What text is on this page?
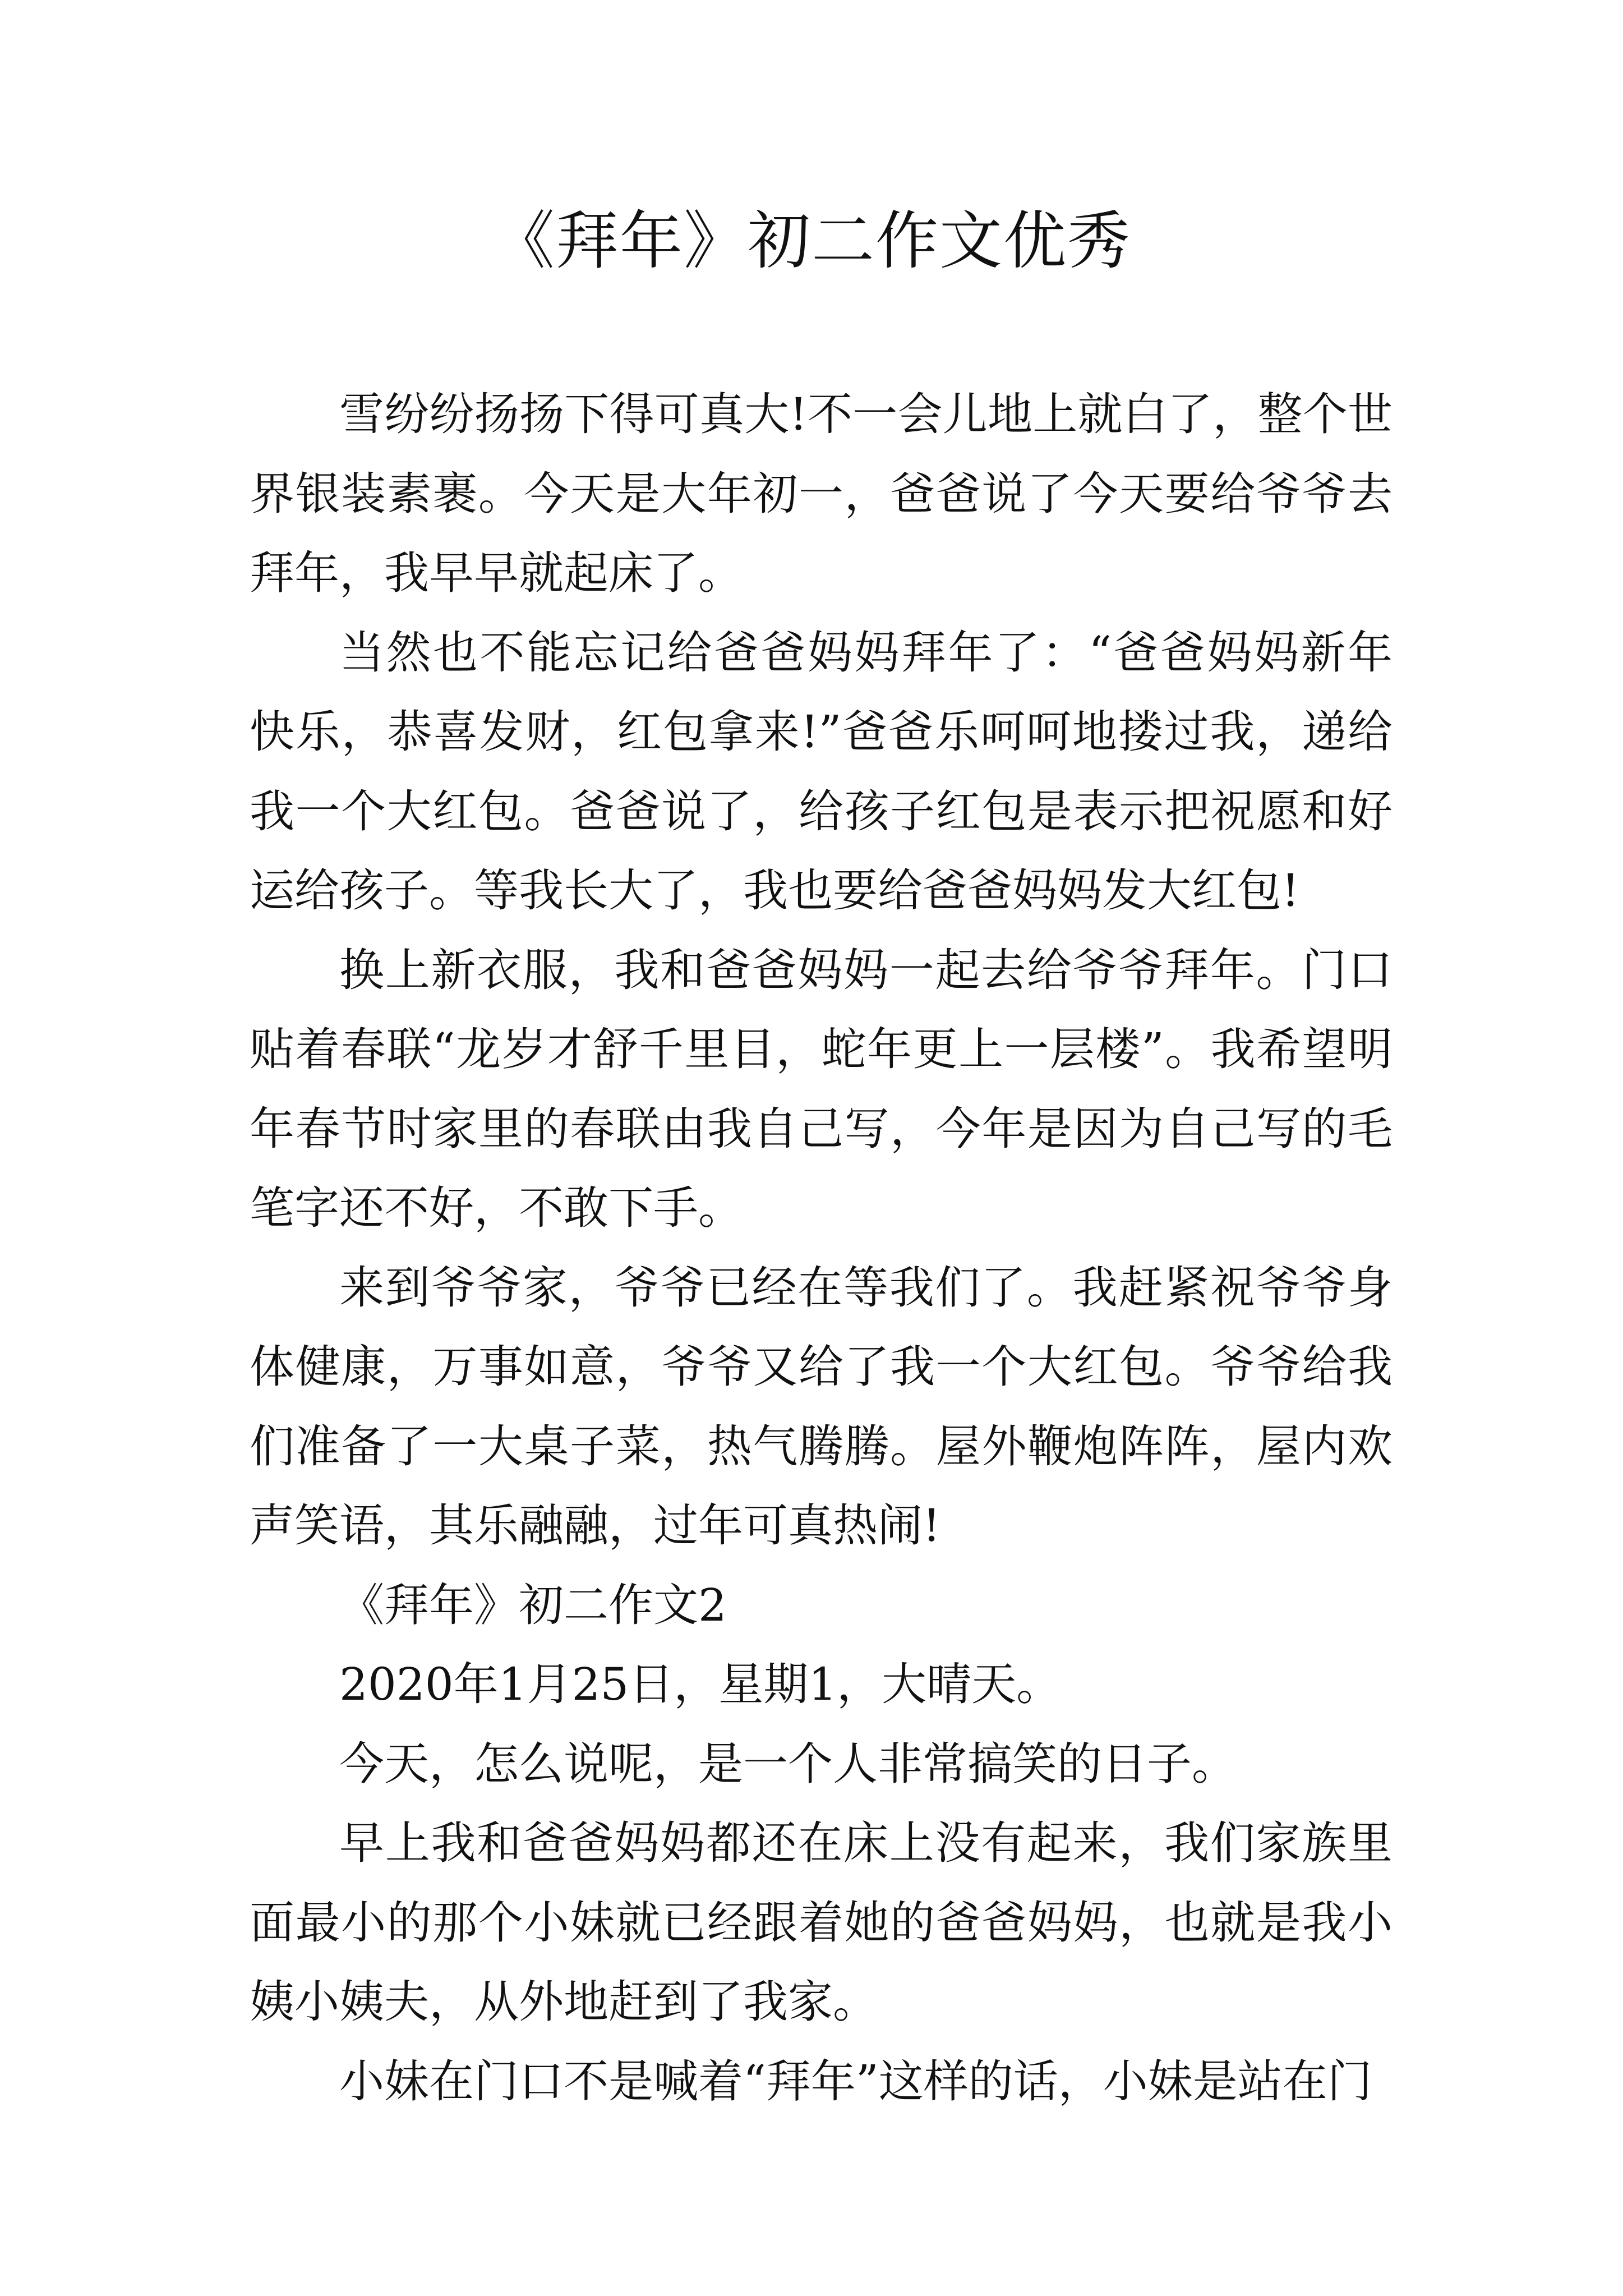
《拜年》初二作文优秀

雪纷纷扬扬下得可真大!不一会儿地上就白了，整个世界银装素裹。今天是大年初一，爸爸说了今天要给爷爷去拜年，我早早就起床了。

当然也不能忘记给爸爸妈妈拜年了：“爸爸妈妈新年快乐，恭喜发财，红包拿来!”爸爸乐呵呵地搂过我，递给我一个大红包。爸爸说了，给孩子红包是表示把祝愿和好运给孩子。等我长大了，我也要给爸爸妈妈发大红包!

换上新衣服，我和爸爸妈妈一起去给爷爷拜年。门口贴着春联“龙岁才舒千里目，蛇年更上一层楼”。我希望明年春节时家里的春联由我自己写，今年是因为自己写的毛笔字还不好，不敢下手。

来到爷爷家，爷爷已经在等我们了。我赶紧祝爷爷身体健康，万事如意，爷爷又给了我一个大红包。爷爷给我们准备了一大桌子菜，热气腾腾。屋外鞭炮阵阵，屋内欢声笑语，其乐融融，过年可真热闹!

《拜年》初二作文2

2020年1月25日，星期1，大晴天。

今天，怎么说呢，是一个人非常搞笑的日子。

早上我和爸爸妈妈都还在床上没有起来，我们家族里面最小的那个小妹就已经跟着她的爸爸妈妈，也就是我小姨小姨夫，从外地赶到了我家。

小妹在门口不是喊着“拜年”这样的话，小妹是站在门
